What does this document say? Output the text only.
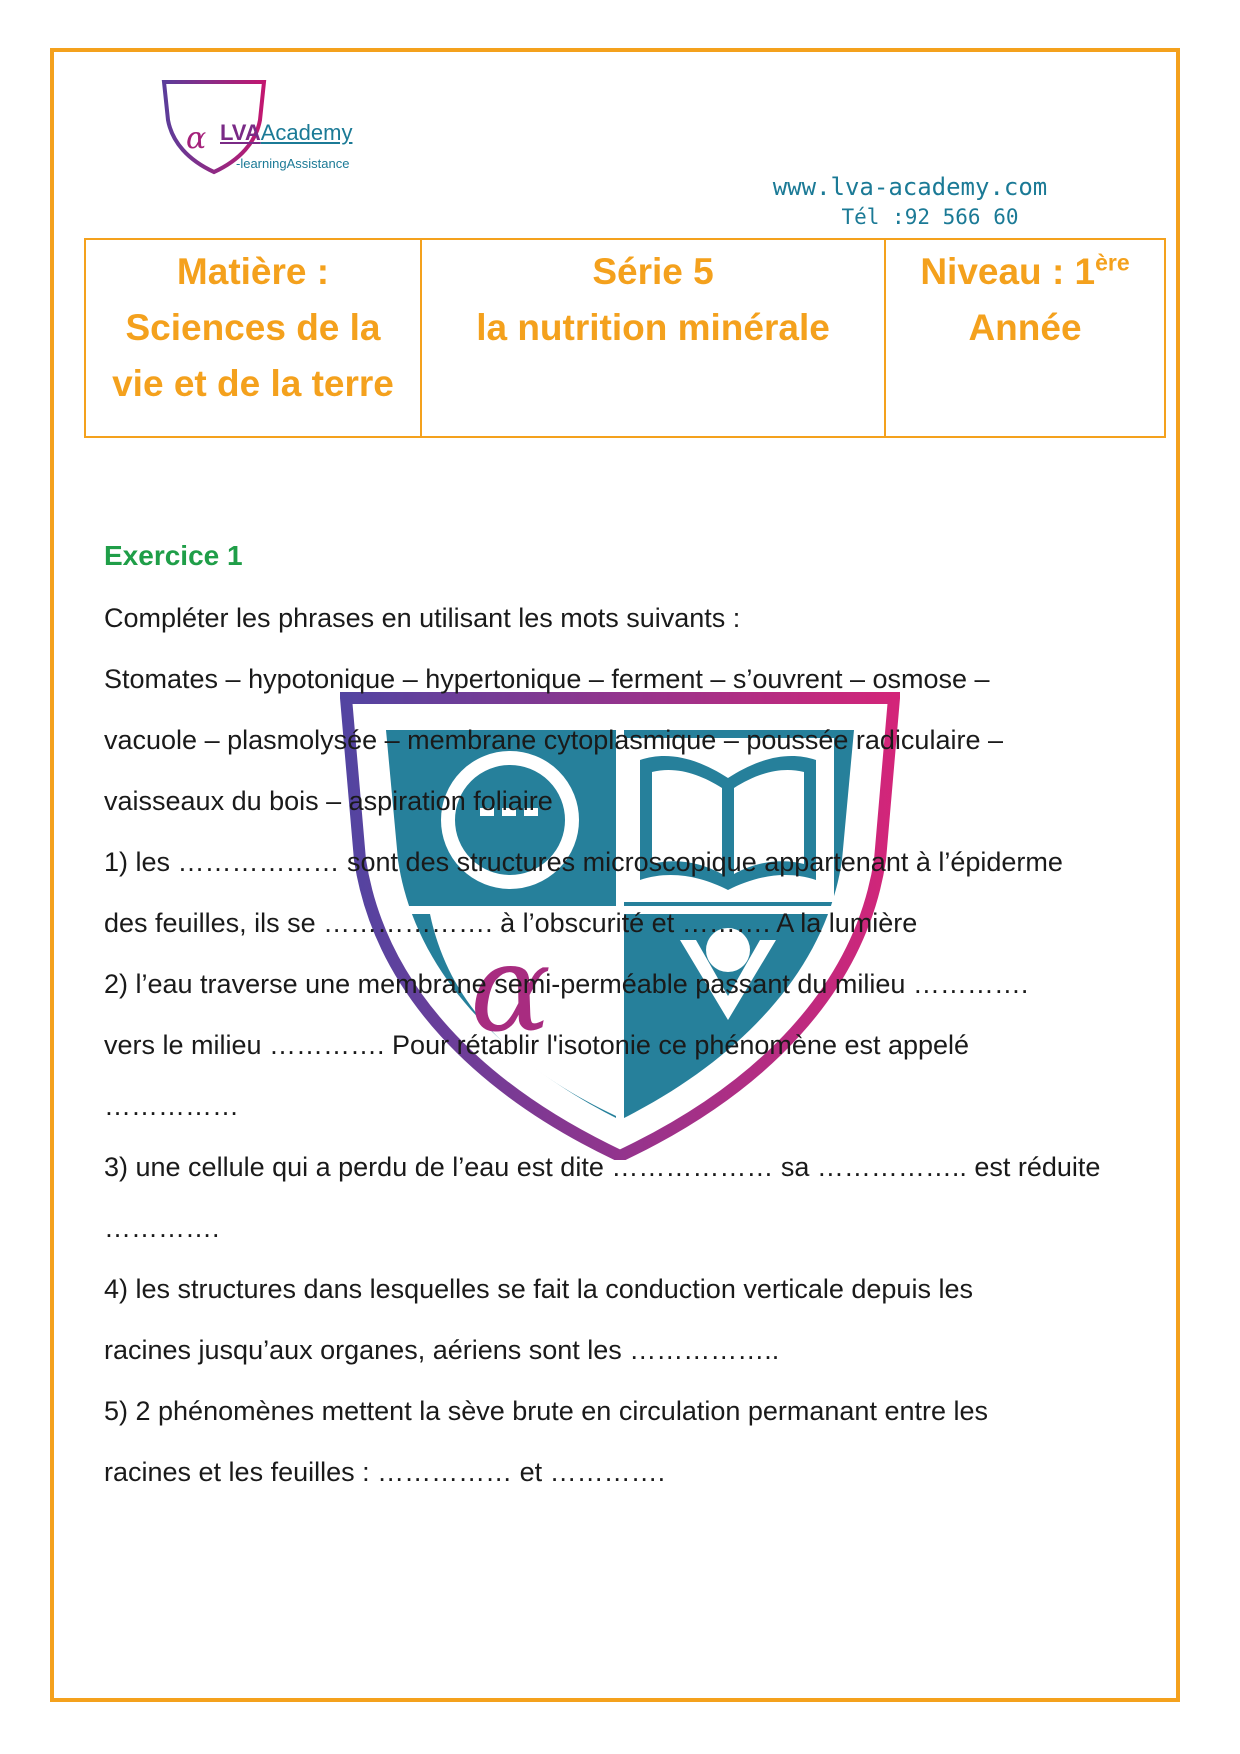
α LVAAcademy
-learningAssistance
www.lva-academy.com
Tél :92 566 60
Matière :
Sciences de la
vie et de la terre

Série 5
la nutrition minérale

Niveau : 1ère
Année
Exercice 1
α

Compléter les phrases en utilisant les mots suivants :

Stomates – hypotonique – hypertonique – ferment – s’ouvrent – osmose –

vacuole – plasmolysée – membrane cytoplasmique – poussée radiculaire –

vaisseaux du bois – aspiration foliaire

1) les ……………… sont des structures microscopique appartenant à l’épiderme

des feuilles, ils se ………………. à l’obscurité et ………. A la lumière

2) l’eau traverse une membrane semi-perméable passant du milieu ………….

vers le milieu …………. Pour rétablir l'isotonie ce phénomène est appelé

……………

3) une cellule qui a perdu de l’eau est dite ……………… sa …………….. est réduite

………….

4) les structures dans lesquelles se fait la conduction verticale depuis les

racines jusqu’aux organes, aériens sont les ……………..

5) 2 phénomènes mettent la sève brute en circulation permanant entre les

racines et les feuilles : …………… et ………….
